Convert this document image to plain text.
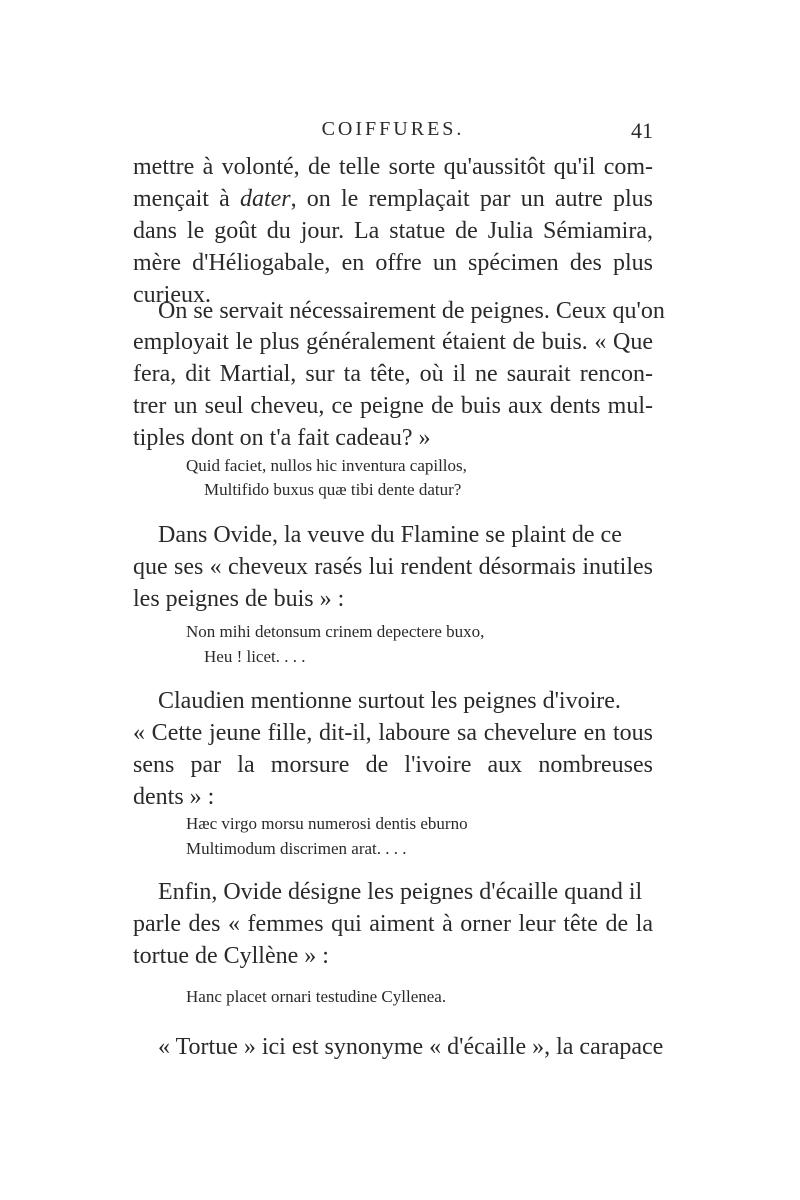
COIFFURES.	41

mettre à volonté, de telle sorte qu'aussitôt qu'il com-

mençait à dater, on le remplaçait par un autre plus

dans le goût du jour. La statue de Julia Sémiamira,

mère d'Héliogabale, en offre un spécimen des plus

curieux.

On se servait nécessairement de peignes. Ceux qu'on

employait le plus généralement étaient de buis. « Que

fera, dit Martial, sur ta tête, où il ne saurait rencon-

trer un seul cheveu, ce peigne de buis aux dents mul-

tiples dont on t'a fait cadeau? »

Quid faciet, nullos hic inventura capillos,

Multifido buxus quæ tibi dente datur?

Dans Ovide, la veuve du Flamine se plaint de ce

que ses « cheveux rasés lui rendent désormais inutiles

les peignes de buis » :

Non mihi detonsum crinem depectere buxo,

Heu ! licet. . . .

Claudien mentionne surtout les peignes d'ivoire.

« Cette jeune fille, dit-il, laboure sa chevelure en tous

sens par la morsure de l'ivoire aux nombreuses

dents » :

Hæc virgo morsu numerosi dentis eburno

Multimodum discrimen arat. . . .

Enfin, Ovide désigne les peignes d'écaille quand il

parle des « femmes qui aiment à orner leur tête de la

tortue de Cyllène » :

Hanc placet ornari testudine Cyllenea.

« Tortue » ici est synonyme « d'écaille », la carapace
